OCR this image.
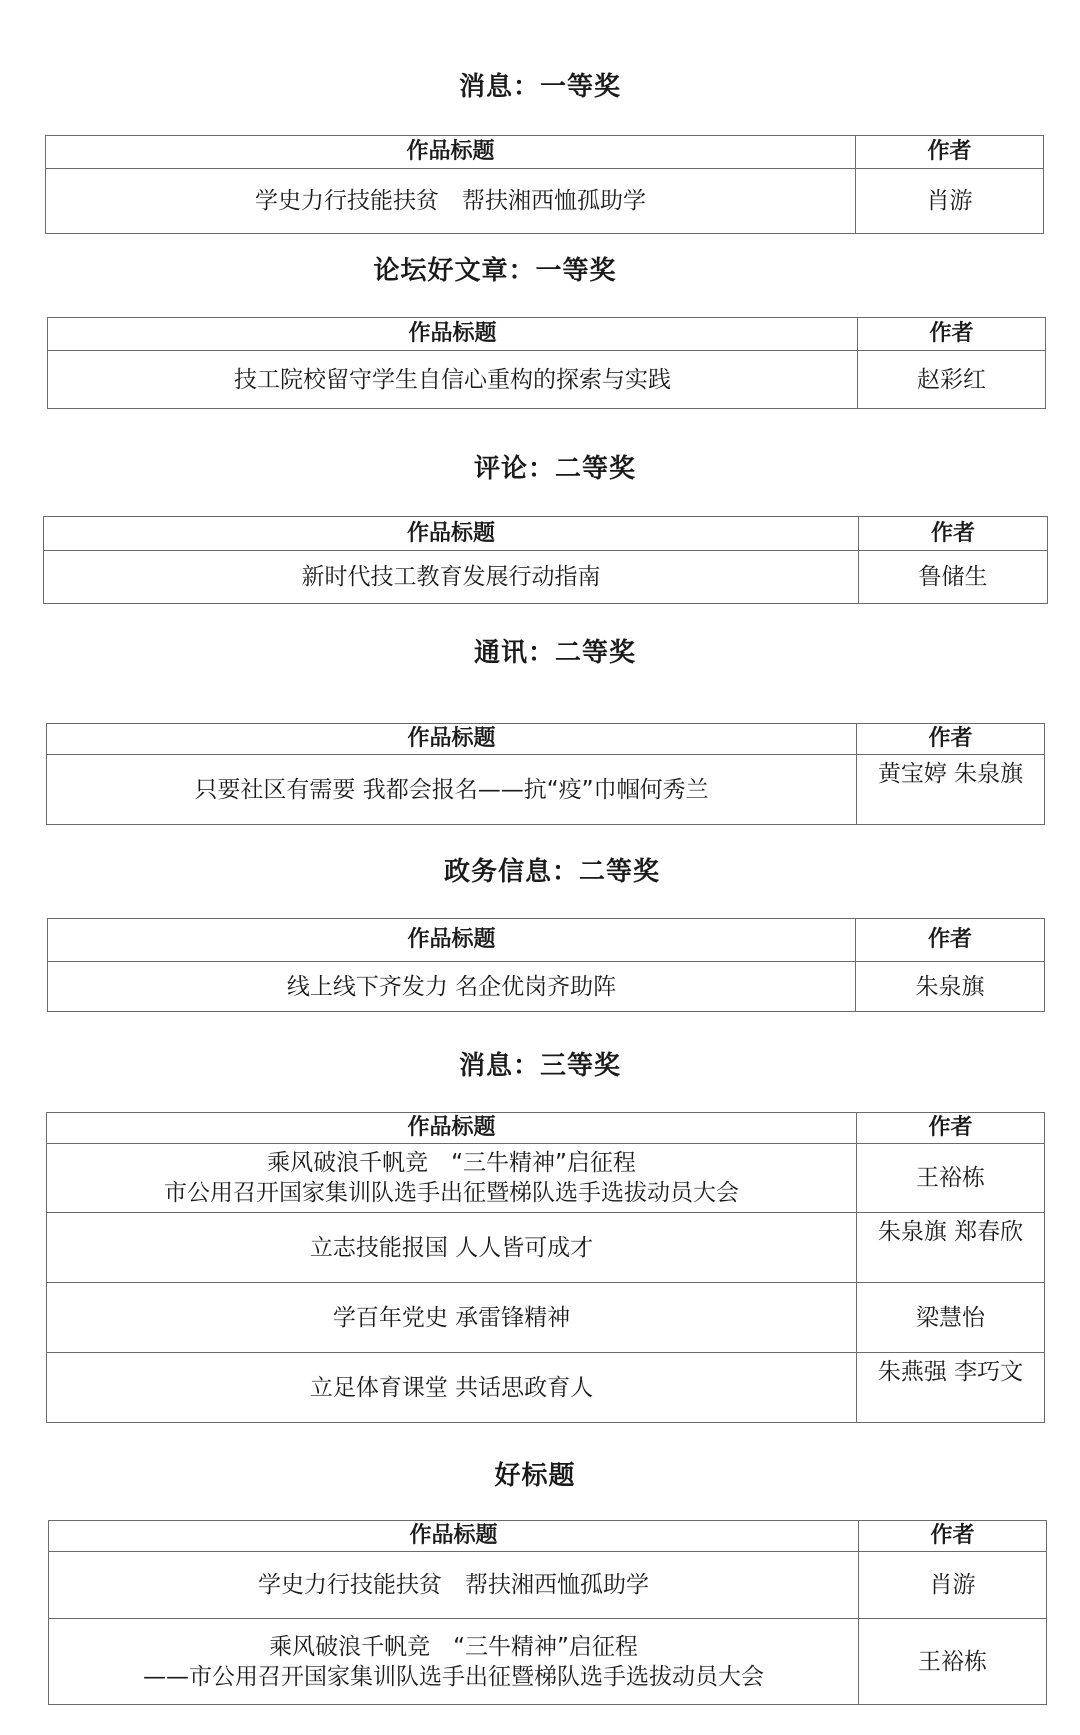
消息：一等奖
作品标题	作者
学史力行技能扶贫　帮扶湘西恤孤助学	肖游
论坛好文章：一等奖
作品标题	作者
技工院校留守学生自信心重构的探索与实践	赵彩红
评论：二等奖
作品标题	作者
新时代技工教育发展行动指南	鲁储生
通讯：二等奖
作品标题	作者
只要社区有需要 我都会报名——抗“疫”巾帼何秀兰	黄宝婷 朱泉旗
政务信息：二等奖
作品标题	作者
线上线下齐发力 名企优岗齐助阵	朱泉旗
消息：三等奖
作品标题	作者

乘风破浪千帆竞　“三牛精神”启征程
市公用召开国家集训队选手出征暨梯队选手选拔动员大会	王裕栋
立志技能报国 人人皆可成才	朱泉旗 郑春欣
学百年党史 承雷锋精神	梁慧怡
立足体育课堂 共话思政育人	朱燕强 李巧文
好标题
作品标题	作者
学史力行技能扶贫　帮扶湘西恤孤助学	肖游

乘风破浪千帆竞　“三牛精神”启征程
——市公用召开国家集训队选手出征暨梯队选手选拔动员大会	王裕栋
